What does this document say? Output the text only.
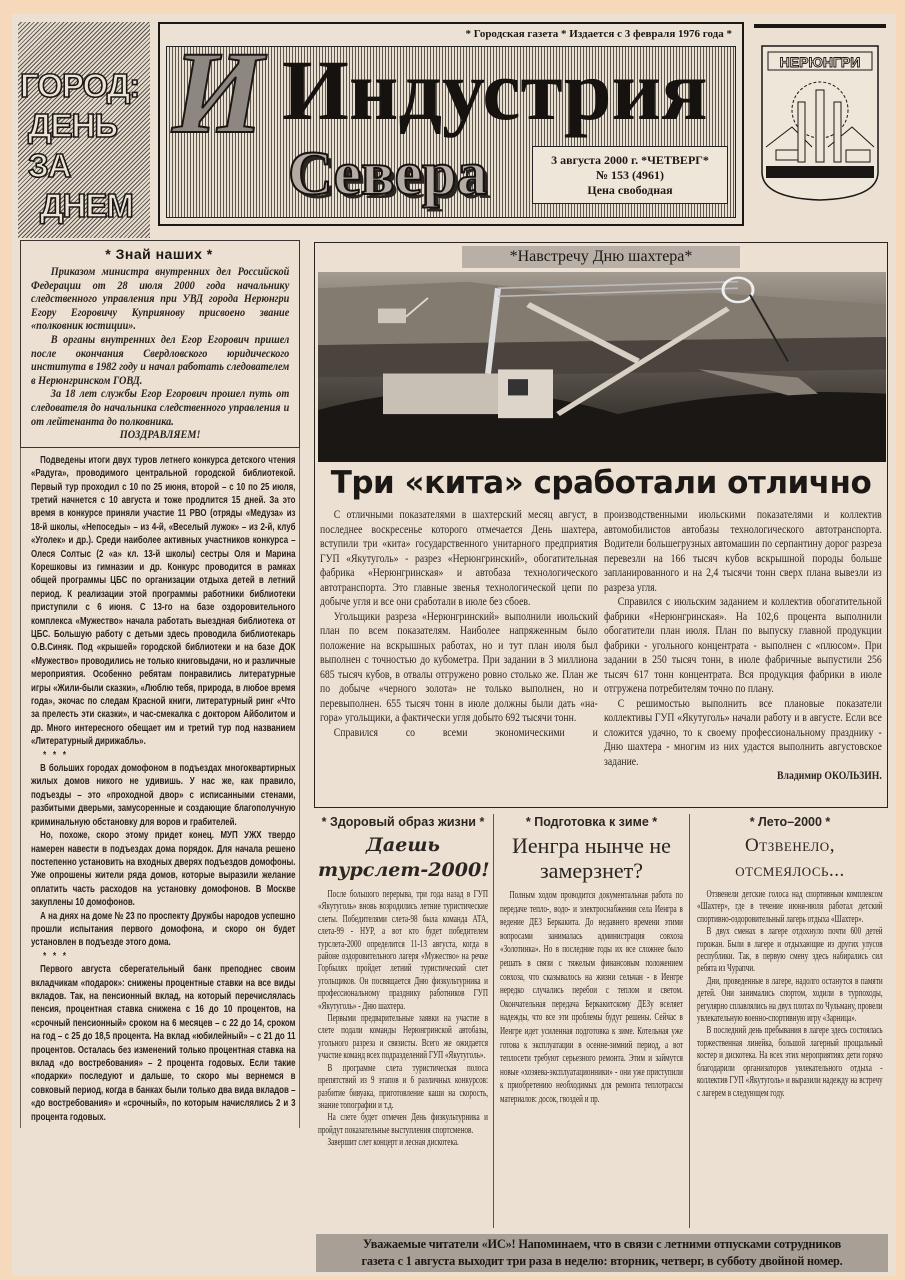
ГОРОД:
ДЕНЬ
ЗА
ДНЕМ
* Городская газета * Издается с 3 февраля 1976 года *
И Индустрия
Севера	3 августа 2000 г. *ЧЕТВЕРГ*
№ 153 (4961)
Цена свободная
НЕРЮНГРИ
* Знай наших *

Приказом министра внутренних дел Российской Федерации от 28 июля 2000 года начальнику следственного управления при УВД города Нерюнгри Егору Егоровичу Куприянову присвоено звание «полковник юстиции».

В органы внутренних дел Егор Егорович пришел после окончания Свердловского юридического института в 1982 году и начал работать следователем в Нерюнгринском ГОВД.

За 18 лет службы Егор Егорович прошел путь от следователя до начальника следственного управления и от лейтенанта до полковника.

ПОЗДРАВЛЯЕМ!

Подведены итоги двух туров летнего конкурса детского чтения «Радуга», проводимого центральной городской библиотекой. Первый тур проходил с 10 по 25 июня, второй – с 10 по 25 июля, третий начнется с 10 августа и тоже продлится 15 дней. За это время в конкурсе приняли участие 11 РВО (отряды «Медуза» из 18-й школы, «Непоседы» – из 4-й, «Веселый лужок» – из 2-й, клуб «Уголек» и др.). Среди наиболее активных участников конкурса – Олеся Солтыс (2 «а» кл. 13-й школы) сестры Оля и Марина Корешковы из гимназии и др. Конкурс проводится в рамках общей программы ЦБС по организации отдыха детей в летний период. К реализации этой программы работники библиотеки приступили с 6 июня. С 13-го на базе оздоровительного комплекса «Мужество» начала работать выездная библиотека от ЦБС. Большую работу с детьми здесь проводила библиотекарь О.В.Синяк. Под «крышей» городской библиотеки и на базе ДОК «Мужество» проводились не только книговыдачи, но и различные мероприятия. Особенно ребятам понравились литературные игры «Жили-были сказки», «Люблю тебя, природа, в любое время года», экочас по следам Красной книги, литературный ринг «Что за прелесть эти сказки», и час-смекалка с доктором Айболитом и др. Много интересного обещает им и третий тур под названием «Литературный дирижабль».

* * *

В больших городах домофоном в подъездах многоквартирных жилых домов никого не удивишь. У нас же, как правило, подъезды – это «проходной двор» с исписанными стенами, разбитыми дверьми, замусоренные и создающие благополучную криминальную обстановку для воров и грабителей.

Но, похоже, скоро этому придет конец. МУП УЖХ твердо намерен навести в подъездах дома порядок. Для начала решено постепенно установить на входных дверях подъездов домофоны. Уже опрошены жители ряда домов, которые выразили желание оплатить часть расходов на установку домофонов. В Москве закуплены 10 домофонов.

А на днях на доме № 23 по проспекту Дружбы народов успешно прошли испытания первого домофона, и скоро он будет установлен в подъезде этого дома.

* * *

Первого августа сберегательный банк преподнес своим вкладчикам «подарок»: снижены процентные ставки на все виды вкладов. Так, на пенсионный вклад, на который перечислялась пенсия, процентная ставка снижена с 16 до 10 процентов, на «срочный пенсионный» сроком на 6 месяцев – с 22 до 14, сроком на год – с 25 до 18,5 процента. На вклад «юбилейный» – с 21 до 11 процентов. Осталась без изменений только процентная ставка на вклад «до востребования» – 2 процента годовых. Если такие «подарки» последуют и дальше, то скоро мы вернемся в совковый период, когда в банках были только два вида вкладов – «до востребования» и «срочный», по которым начислялись 2 и 3 процента годовых.

*Навстречу Дню шахтера*
Три «кита» сработали отлично

С отличными показателями в шахтерский месяц август, в последнее воскресенье которого отмечается День шахтера, вступили три «кита» государственного унитарного предприятия ГУП «Якутуголь» - разрез «Нерюнгринский», обогатительная фабрика «Нерюнгринская» и автобаза технологического автотранспорта. Это главные звенья технологической цепи по добыче угля и все они сработали в июле без сбоев.

Угольщики разреза «Нерюнгринский» выполнили июльский план по всем показателям. Наиболее напряженным было положение на вскрышных работах, но и тут план июля был выполнен с точностью до кубометра. При задании в 3 миллиона 685 тысяч кубов, в отвалы отгружено ровно столько же. План же по добыче «черного золота» не только выполнен, но и перевыполнен. 655 тысяч тонн в июле должны были дать «на-гора» угольщики, а фактически угля добыто 692 тысячи тонн.

Справился со всеми экономическими и

производственными июльскими показателями и коллектив автомобилистов автобазы технологического автотранспорта. Водители большегрузных автомашин по серпантину дорог разреза перевезли на 166 тысяч кубов вскрышной породы больше запланированного и на 2,4 тысячи тонн сверх плана вывезли из разреза угля.

Справился с июльским заданием и коллектив обогатительной фабрики «Нерюнгринская». На 102,6 процента выполнили обогатители план июля. План по выпуску главной продукции фабрики - угольного концентрата - выполнен с «плюсом». При задании в 250 тысяч тонн, в июле фабричные выпустили 256 тысяч 617 тонн концентрата. Вся продукция фабрики в июле отгружена потребителям точно по плану.

С решимостью выполнить все плановые показатели коллективы ГУП «Якутуголь» начали работу и в августе. Если все сложится удачно, то к своему профессиональному празднику - Дню шахтера - многим из них удастся выполнить августовское задание.

Владимир ОКОЛЬЗИН.

* Здоровый образ жизни *
Даешь турслет-2000!

После большого перерыва, три года назад в ГУП «Якутуголь» вновь возродились летние туристические слеты. Победителями слета-98 была команда АТА, слета-99 - НУР, а вот кто будет победителем турслета-2000 определится 11-13 августа, когда в районе оздоровительного лагеря «Мужество» на речке Горбылях пройдет летний туристический слет угольщиков. Он посвящается Дню физкультурника и профессиональному празднику работников ГУП «Якутуголь» - Дню шахтера.

Первыми предварительные заявки на участие в слете подали команды Нерюнгринской автобазы, угольного разреза и связисты. Всего же ожидается участие команд всех подразделений ГУП «Якутуголь».

В программе слета туристическая полоса препятствий из 9 этапов и 6 различных конкурсов: разбитие бивуака, приготовление каши на скорость, знание топографии и т.д.

На слете будет отмечен День физкультурника и пройдут показательные выступления спортсменов.

Завершит слет концерт и лесная дискотека.

* Подготовка к зиме *
Иенгра нынче не замерзнет?

Полным ходом проводится документальная работа по передаче тепло-, водо- и электроснабжения села Иенгра в ведение ДЕЗ Беркакита. До недавнего времени этими вопросами занималась администрация совхоза «Золотинка». Но в последние годы их все сложнее было решать в связи с тяжелым финансовым положением совхоза, что сказывалось на жизни сельчан - в Иенгре нередко случались перебои с теплом и светом. Окончательная передача Беркакитскому ДЕЗу вселяет надежды, что все эти проблемы будут решены. Сейчас в Иенгре идет усиленная подготовка к зиме. Котельная уже готова к эксплуатации в осенне-зимний период, а вот теплосети требуют серьезного ремонта. Этим и займутся новые «хозяева-эксплуатационники» - они уже приступили к приобретению необходимых для ремонта теплотрассы материалов: досок, гвоздей и пр.

* Лето–2000 *
Отзвенело, отсмеялось...

Отзвенели детские голоса над спортивным комплексом «Шахтер», где в течение июня-июля работал детский спортивно-оздоровительный лагерь отдыха «Шахтер».

В двух сменах в лагере отдохнуло почти 600 детей горожан. Были в лагере и отдыхающие из других улусов республики. Так, в первую смену здесь набирались сил ребята из Чурапчи.

Дни, проведенные в лагере, надолго останутся в памяти детей. Они занимались спортом, ходили в турпоходы, регулярно сплавлялись на двух плотах по Чульману, провели увлекательную военно-спортивную игру «Зарница».

В последний день пребывания в лагере здесь состоялась торжественная линейка, большой лагерный прощальный костер и дискотека. На всех этих мероприятиях дети горячо благодарили организаторов увлекательного отдыха - коллектив ГУП «Якутуголь» и выразили надежду на встречу с лагерем в следующем году.

Уважаемые читатели «ИС»! Напоминаем, что в связи с летними отпусками сотрудников
газета с 1 августа выходит три раза в неделю: вторник, четверг, в субботу двойной номер.
